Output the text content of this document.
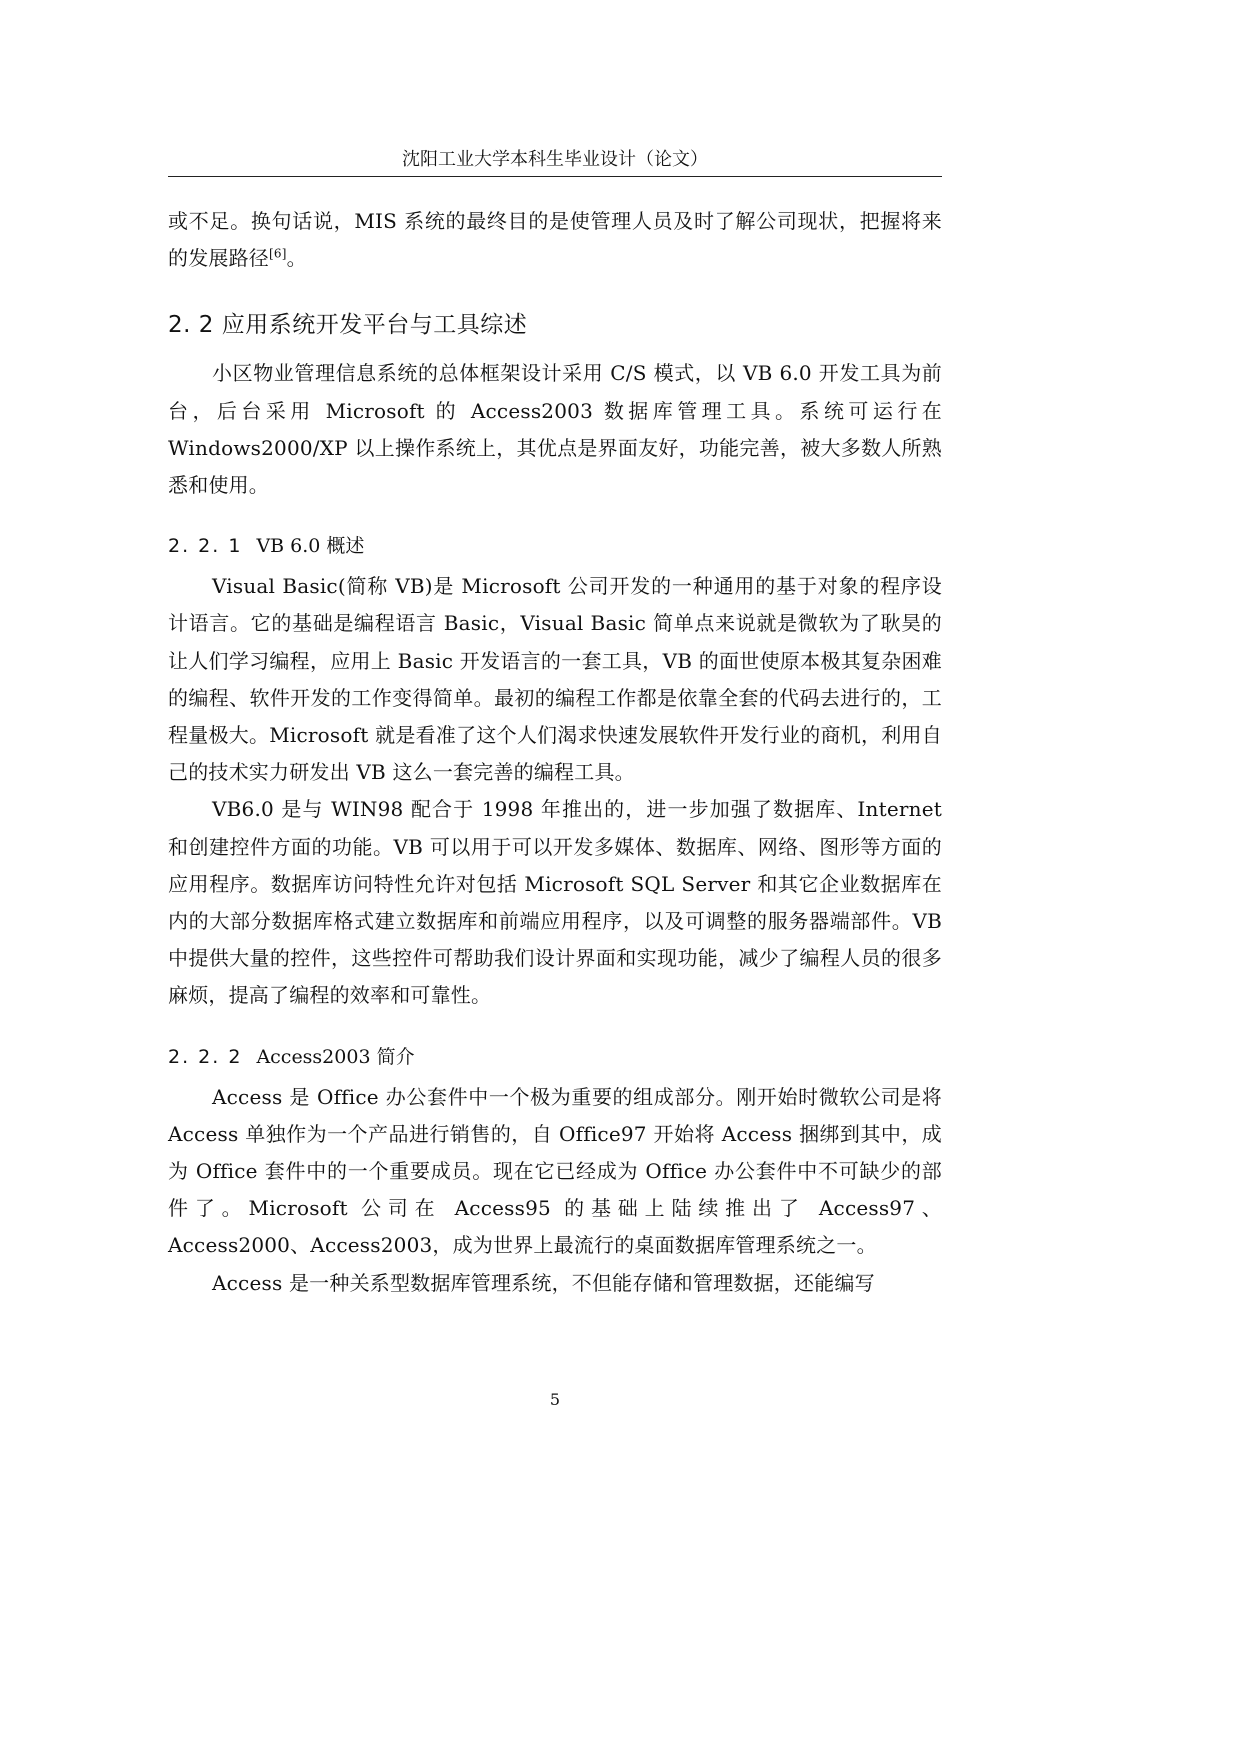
沈阳工业大学本科生毕业设计（论文）

或不足。换句话说，MIS 系统的最终目的是使管理人员及时了解公司现状，把握将来的发展路径[6]。

2. 2 应用系统开发平台与工具综述

小区物业管理信息系统的总体框架设计采用 C/S 模式，以 VB 6.0 开发工具为前台，后台采用 Microsoft 的 Access2003 数据库管理工具。系统可运行在 Windows2000/XP 以上操作系统上，其优点是界面友好，功能完善，被大多数人所熟悉和使用。

2. 2. 1 VB 6.0 概述

Visual Basic(简称 VB)是 Microsoft 公司开发的一种通用的基于对象的程序设计语言。它的基础是编程语言 Basic，Visual Basic 简单点来说就是微软为了耿昊的让人们学习编程，应用上 Basic 开发语言的一套工具，VB 的面世使原本极其复杂困难的编程、软件开发的工作变得简单。最初的编程工作都是依靠全套的代码去进行的，工程量极大。Microsoft 就是看准了这个人们渴求快速发展软件开发行业的商机，利用自己的技术实力研发出 VB 这么一套完善的编程工具。

VB6.0 是与 WIN98 配合于 1998 年推出的，进一步加强了数据库、Internet 和创建控件方面的功能。VB 可以用于可以开发多媒体、数据库、网络、图形等方面的应用程序。数据库访问特性允许对包括 Microsoft SQL Server 和其它企业数据库在内的大部分数据库格式建立数据库和前端应用程序，以及可调整的服务器端部件。VB 中提供大量的控件，这些控件可帮助我们设计界面和实现功能，减少了编程人员的很多麻烦，提高了编程的效率和可靠性。

2. 2. 2 Access2003 简介

Access 是 Office 办公套件中一个极为重要的组成部分。刚开始时微软公司是将 Access 单独作为一个产品进行销售的，自 Office97 开始将 Access 捆绑到其中，成为 Office 套件中的一个重要成员。现在它已经成为 Office 办公套件中不可缺少的部件了。Microsoft 公司在 Access95 的基础上陆续推出了 Access97、Access2000、Access2003，成为世界上最流行的桌面数据库管理系统之一。

Access 是一种关系型数据库管理系统，不但能存储和管理数据，还能编写

5
